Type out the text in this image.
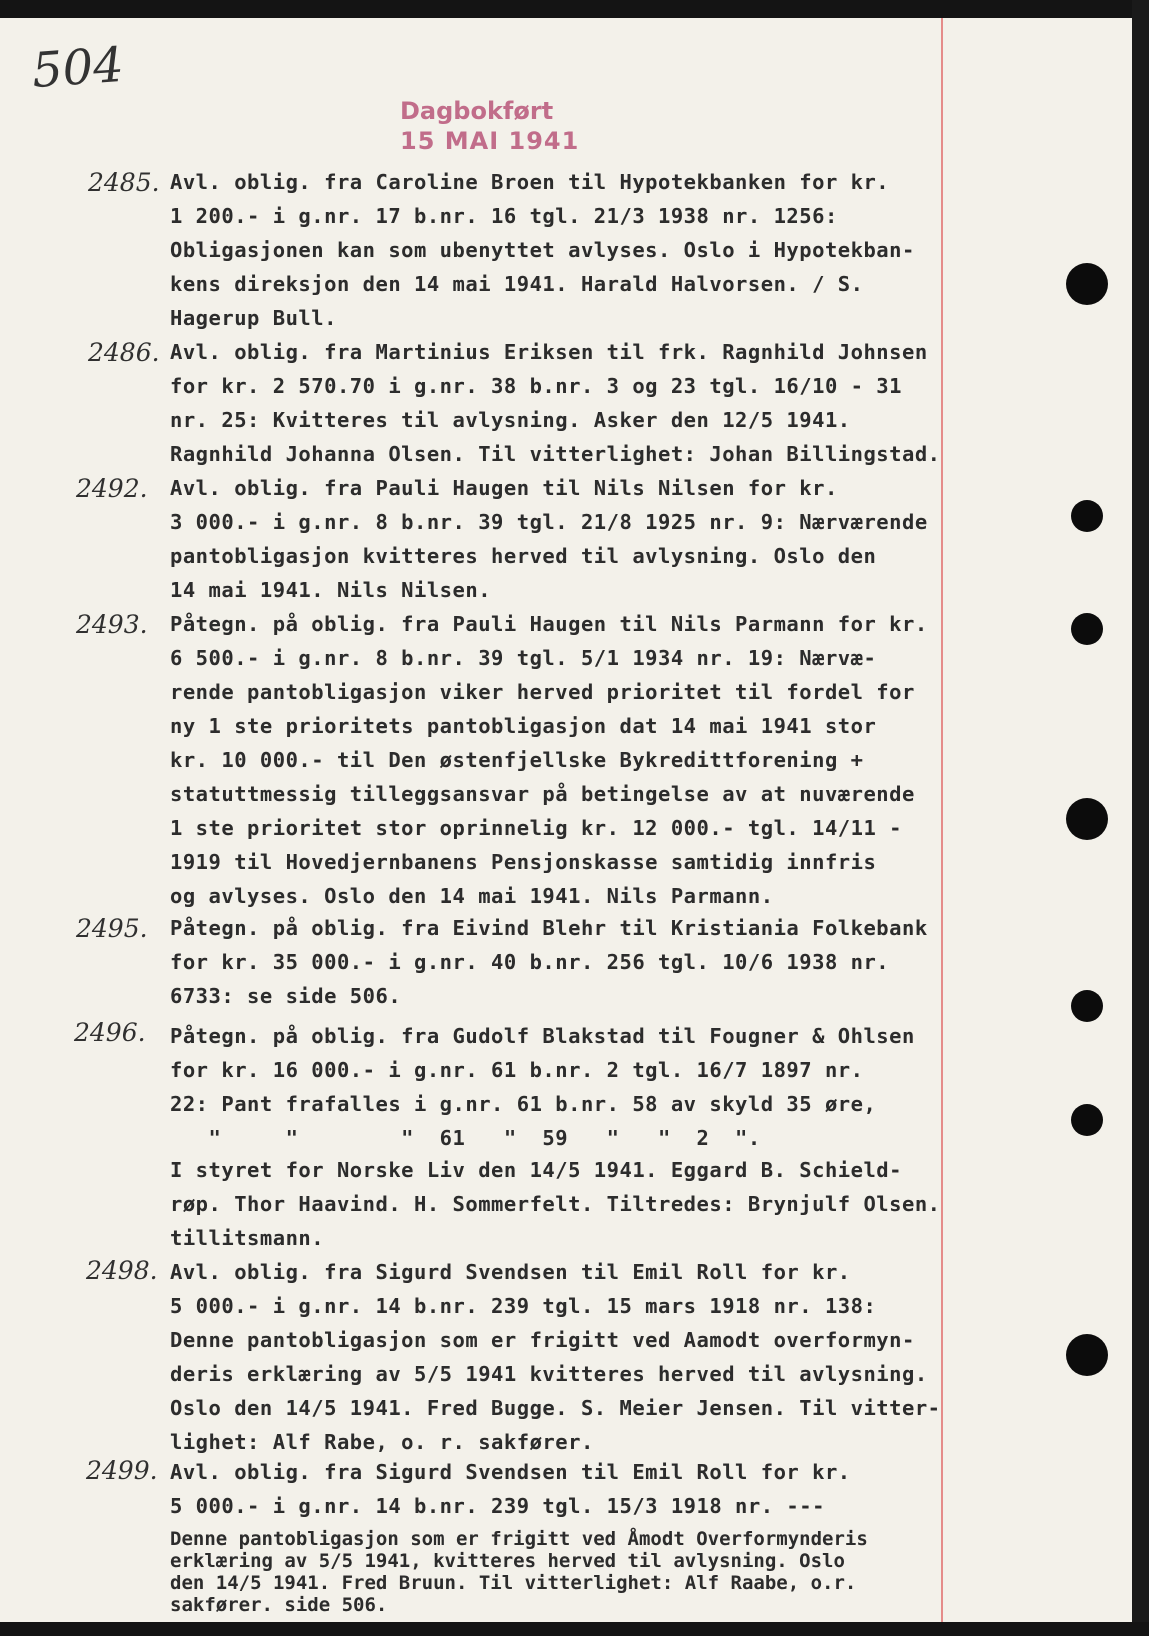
504
Dagbokført
15 MAI 1941
2485. Avl. oblig. fra Caroline Broen til Hypotekbanken for kr.
1 200.- i g.nr. 17 b.nr. 16 tgl. 21/3 1938 nr. 1256:
Obligasjonen kan som ubenyttet avlyses. Oslo i Hypotekban-
kens direksjon den 14 mai 1941. Harald Halvorsen. / S.
Hagerup Bull.
2486. Avl. oblig. fra Martinius Eriksen til frk. Ragnhild Johnsen
for kr. 2 570.70 i g.nr. 38 b.nr. 3 og 23 tgl. 16/10 - 31
nr. 25: Kvitteres til avlysning. Asker den 12/5 1941.
Ragnhild Johanna Olsen. Til vitterlighet: Johan Billingstad.
2492. Avl. oblig. fra Pauli Haugen til Nils Nilsen for kr.
3 000.- i g.nr. 8 b.nr. 39 tgl. 21/8 1925 nr. 9: Nærværende
pantobligasjon kvitteres herved til avlysning. Oslo den
14 mai 1941. Nils Nilsen.
2493. Påtegn. på oblig. fra Pauli Haugen til Nils Parmann for kr.
6 500.- i g.nr. 8 b.nr. 39 tgl. 5/1 1934 nr. 19: Nærvæ-
rende pantobligasjon viker herved prioritet til fordel for
ny 1 ste prioritets pantobligasjon dat 14 mai 1941 stor
kr. 10 000.- til Den østenfjellske Bykredittforening +
statuttmessig tilleggsansvar på betingelse av at nuværende
1 ste prioritet stor oprinnelig kr. 12 000.- tgl. 14/11 -
1919 til Hovedjernbanens Pensjonskasse samtidig innfris
og avlyses. Oslo den 14 mai 1941. Nils Parmann.
2495. Påtegn. på oblig. fra Eivind Blehr til Kristiania Folkebank
for kr. 35 000.- i g.nr. 40 b.nr. 256 tgl. 10/6 1938 nr.
6733: se side 506.
2496. Påtegn. på oblig. fra Gudolf Blakstad til Fougner & Ohlsen
for kr. 16 000.- i g.nr. 61 b.nr. 2 tgl. 16/7 1897 nr.
22: Pant frafalles i g.nr. 61 b.nr. 58 av skyld 35 øre,
"     "        "  61   "  59   "   "  2  ".
I styret for Norske Liv den 14/5 1941. Eggard B. Schield-
røp. Thor Haavind. H. Sommerfelt. Tiltredes: Brynjulf Olsen.
tillitsmann.
2498. Avl. oblig. fra Sigurd Svendsen til Emil Roll for kr.
5 000.- i g.nr. 14 b.nr. 239 tgl. 15 mars 1918 nr. 138:
Denne pantobligasjon som er frigitt ved Aamodt overformyn-
deris erklæring av 5/5 1941 kvitteres herved til avlysning.
Oslo den 14/5 1941. Fred Bugge. S. Meier Jensen. Til vitter-
lighet: Alf Rabe, o. r. sakfører.
2499. Avl. oblig. fra Sigurd Svendsen til Emil Roll for kr.
5 000.- i g.nr. 14 b.nr. 239 tgl. 15/3 1918 nr. ---
Denne pantobligasjon som er frigitt ved Åmodt Overformynderis
erklæring av 5/5 1941, kvitteres herved til avlysning. Oslo
den 14/5 1941. Fred Bruun. Til vitterlighet: Alf Raabe, o.r.
sakfører. side 506.
